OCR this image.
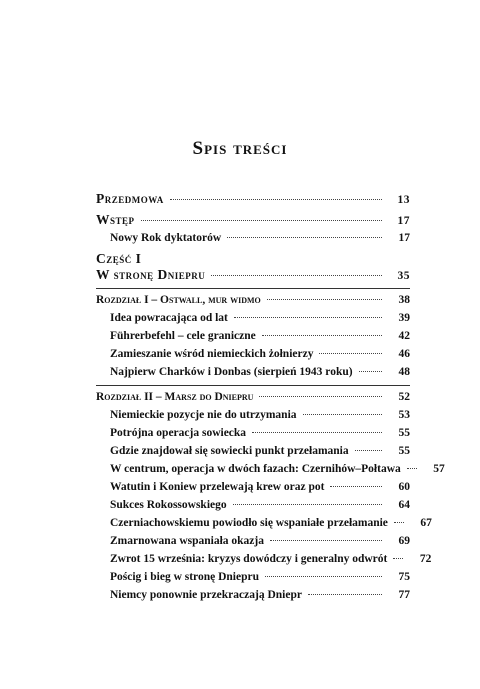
Spis treści
Przedmowa	13
Wstęp	17
Nowy Rok dyktatorów	17
Część I
W stronę Dniepru	35
Rozdział I – Ostwall, mur widmo	38
Idea powracająca od lat	39
Führerbefehl – cele graniczne	42
Zamieszanie wśród niemieckich żołnierzy	46
Najpierw Charków i Donbas (sierpień 1943 roku)	48
Rozdział II – Marsz do Dniepru	52
Niemieckie pozycje nie do utrzymania	53
Potrójna operacja sowiecka	55
Gdzie znajdował się sowiecki punkt przełamania	55
W centrum, operacja w dwóch fazach: Czernihów–Połtawa	57
Watutin i Koniew przelewają krew oraz pot	60
Sukces Rokossowskiego	64
Czerniachowskiemu powiodło się wspaniałe przełamanie	67
Zmarnowana wspaniała okazja	69
Zwrot 15 września: kryzys dowódczy i generalny odwrót	72
Pościg i bieg w stronę Dniepru	75
Niemcy ponownie przekraczają Dniepr	77
